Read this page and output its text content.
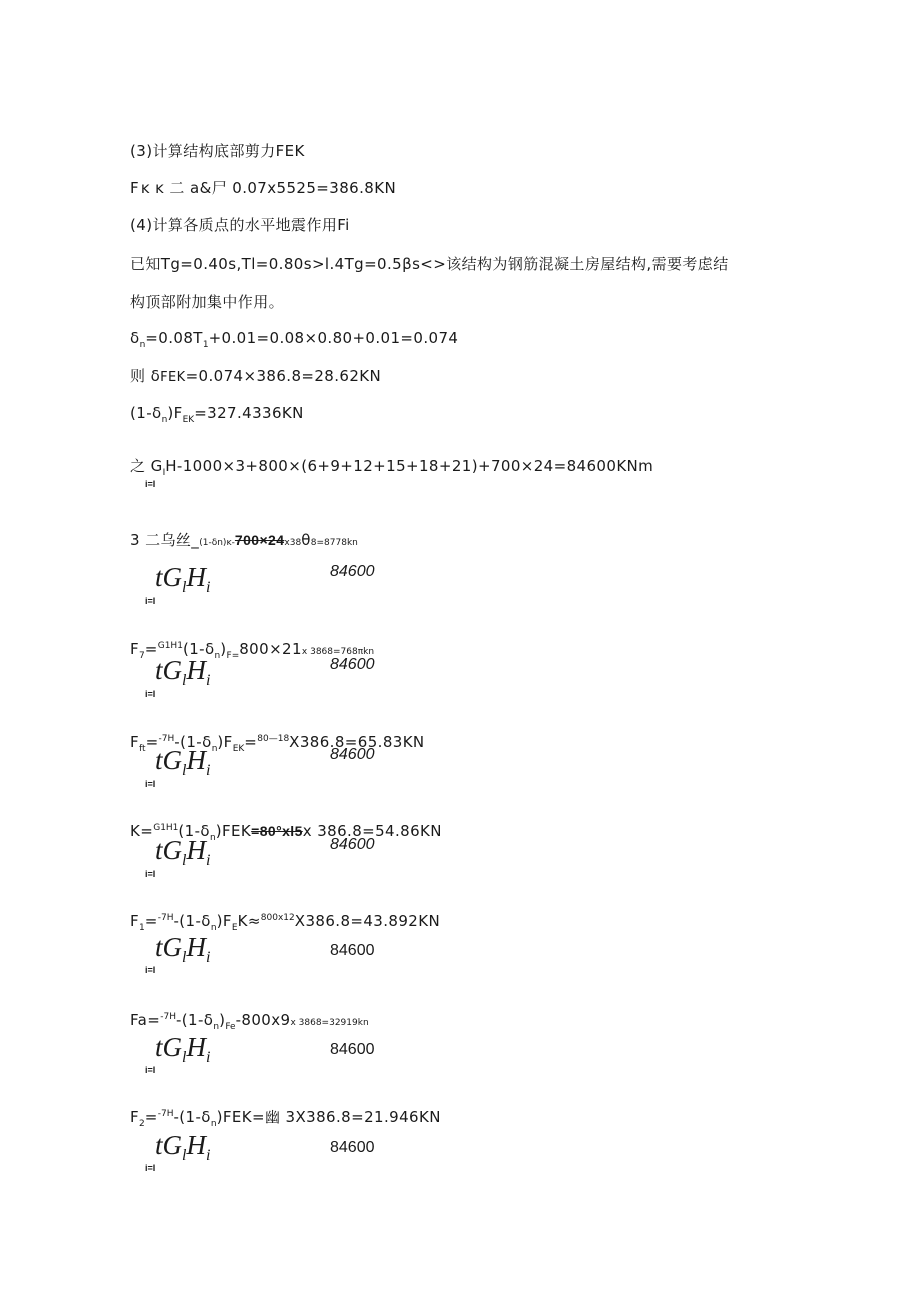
(3)计算结构底部剪力FEK
F ᴋ ᴋ 二 a&尸 0.07x5525=386.8KN
(4)计算各质点的水平地震作用Fi
已知Tg=0.40s,Tl=0.80s>l.4Tg=0.5βs<>该结构为钢筋混凝土房屋结构,需要考虑结
构顶部附加集中作用。
$\delta_n=0.08T_1+0.01=0.08\times 0.80+0.01=0.074$
则 δFEK=0.074×386.8=28.62KN
$(1-\delta_n)F_{EK}=327.4336KN$
之 $G_IH-1000\times 3+800\times(6+9+12+15+18+21)+700\times 24=84600KNm$
i=I
3 二乌丝_(1-δn)ĸ-700×24x38θ8=8778kn
$tG_lH_i$
84600
i=I
$F_7=^{G1H1}(1-\delta_n)_{F=}800\times 21x$ 3868=768πkn
$tG_lH_i$
84600
i=I
$F_{ft}=^{-7H}-(1-\delta_n)F_{EK}=^{80—18}X386.8=65.83KN$
$tG_lH_i$
84600
i=I
$K=^{G1H1}(1-\delta_n)FEK=80^\circ xl5x$ 386.8=54.86KN
$tG_lH_i$
84600
i=I
$F_1=^{-7H}-(1-\delta_n)F_EK\approx^{800x12}X386.8=43.892KN$
$tG_lH_i$	84600
i=I
$Fa=^{-7H}-(1-\delta_n)_{Fe}-800x9x$ 3868=32919kn
$tG_lH_i$	84600
i=I
$F_2=^{-7H}-(1-\delta_n)FEK=$幽 3X386.8=21.946KN
$tG_lH_i$	84600
i=I
